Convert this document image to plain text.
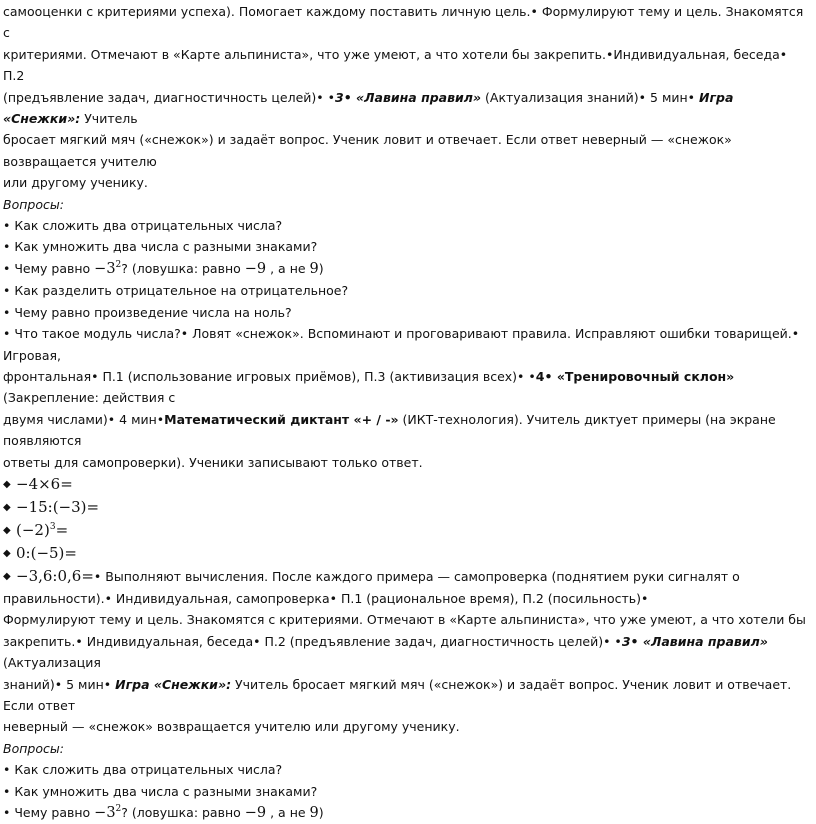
самооценки с критериями успеха). Помогает каждому поставить личную цель.• Формулируют тему и цель. Знакомятся с

критериями. Отмечают в «Карте альпиниста», что уже умеют, а что хотели бы закрепить.•Индивидуальная, беседа• П.2

(предъявление задач, диагностичность целей)• •3• «Лавина правил» (Актуализация знаний)• 5 мин• Игра «Снежки»: Учитель

бросает мягкий мяч («снежок») и задаёт вопрос. Ученик ловит и отвечает. Если ответ неверный — «снежок» возвращается учителю

или другому ученику.

Вопросы:

• Как сложить два отрицательных числа?

• Как умножить два числа с разными знаками?

• Чему равно $-3^2$? (ловушка: равно −9 , а не 9)

• Как разделить отрицательное на отрицательное?

• Чему равно произведение числа на ноль?

• Что такое модуль числа?• Ловят «снежок». Вспоминают и проговаривают правила. Исправляют ошибки товарищей.• Игровая,

фронтальная• П.1 (использование игровых приёмов), П.3 (активизация всех)• •4• «Тренировочный склон» (Закрепление: действия с

двумя числами)• 4 мин•Математический диктант «+ / -» (ИКТ-технология). Учитель диктует примеры (на экране появляются

ответы для самопроверки). Ученики записывают только ответ.

◆ −4×6=
◆ −15:(−3)=
◆ $(-2)^3=$
◆ 0:(−5)=
◆ −3,6:0,6= • Выполняют вычисления. После каждого примера — самопроверка (поднятием руки сигналят о

правильности).• Индивидуальная, самопроверка• П.1 (рациональное время), П.2 (посильность)•

Формулируют тему и цель. Знакомятся с критериями. Отмечают в «Карте альпиниста», что уже умеют, а что хотели бы

закрепить.• Индивидуальная, беседа• П.2 (предъявление задач, диагностичность целей)• •3• «Лавина правил» (Актуализация

знаний)• 5 мин• Игра «Снежки»: Учитель бросает мягкий мяч («снежок») и задаёт вопрос. Ученик ловит и отвечает. Если ответ

неверный — «снежок» возвращается учителю или другому ученику.

Вопросы:

• Как сложить два отрицательных числа?

• Как умножить два числа с разными знаками?

• Чему равно $-3^2$? (ловушка: равно −9 , а не 9)
